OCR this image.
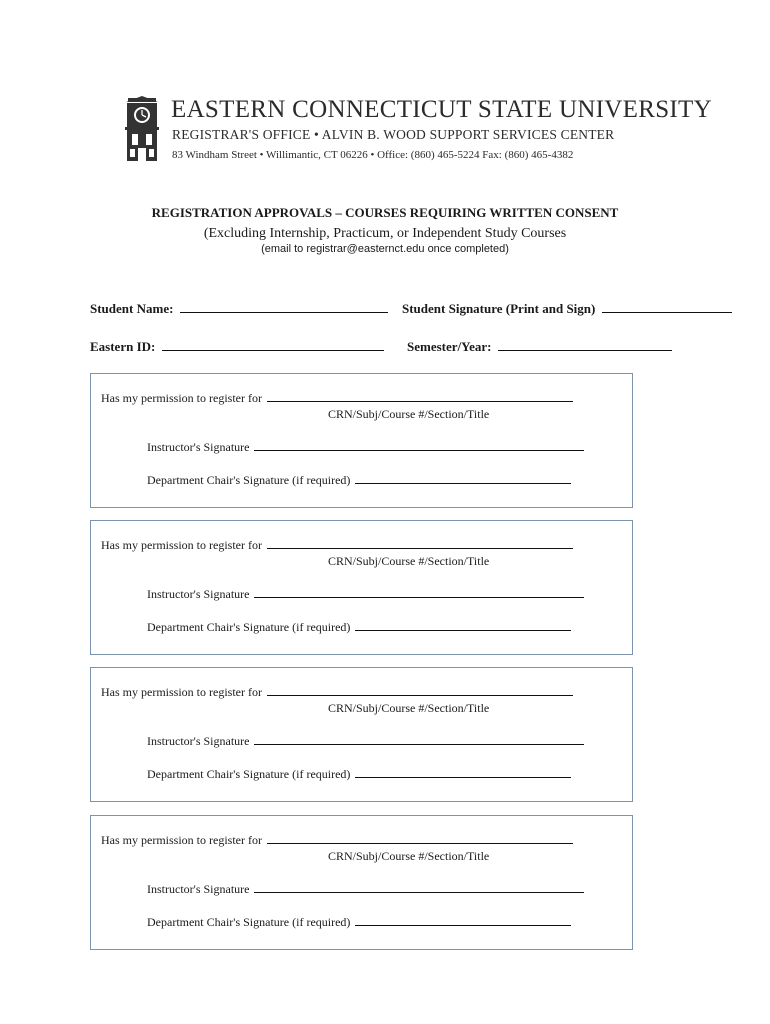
EASTERN CONNECTICUT STATE UNIVERSITY
REGISTRAR'S OFFICE • ALVIN B. WOOD SUPPORT SERVICES CENTER
83 Windham Street • Willimantic, CT 06226 • Office: (860) 465-5224 Fax: (860) 465-4382
REGISTRATION APPROVALS – COURSES REQUIRING WRITTEN CONSENT
(Excluding Internship, Practicum, or Independent Study Courses
(email to registrar@easternct.edu once completed)
Student Name:	Student Signature (Print and Sign)
Eastern ID:	Semester/Year:
Has my permission to register for
CRN/Subj/Course #/Section/Title
Instructor's Signature
Department Chair's Signature (if required)
Has my permission to register for
CRN/Subj/Course #/Section/Title
Instructor's Signature
Department Chair's Signature (if required)
Has my permission to register for
CRN/Subj/Course #/Section/Title
Instructor's Signature
Department Chair's Signature (if required)
Has my permission to register for
CRN/Subj/Course #/Section/Title
Instructor's Signature
Department Chair's Signature (if required)
